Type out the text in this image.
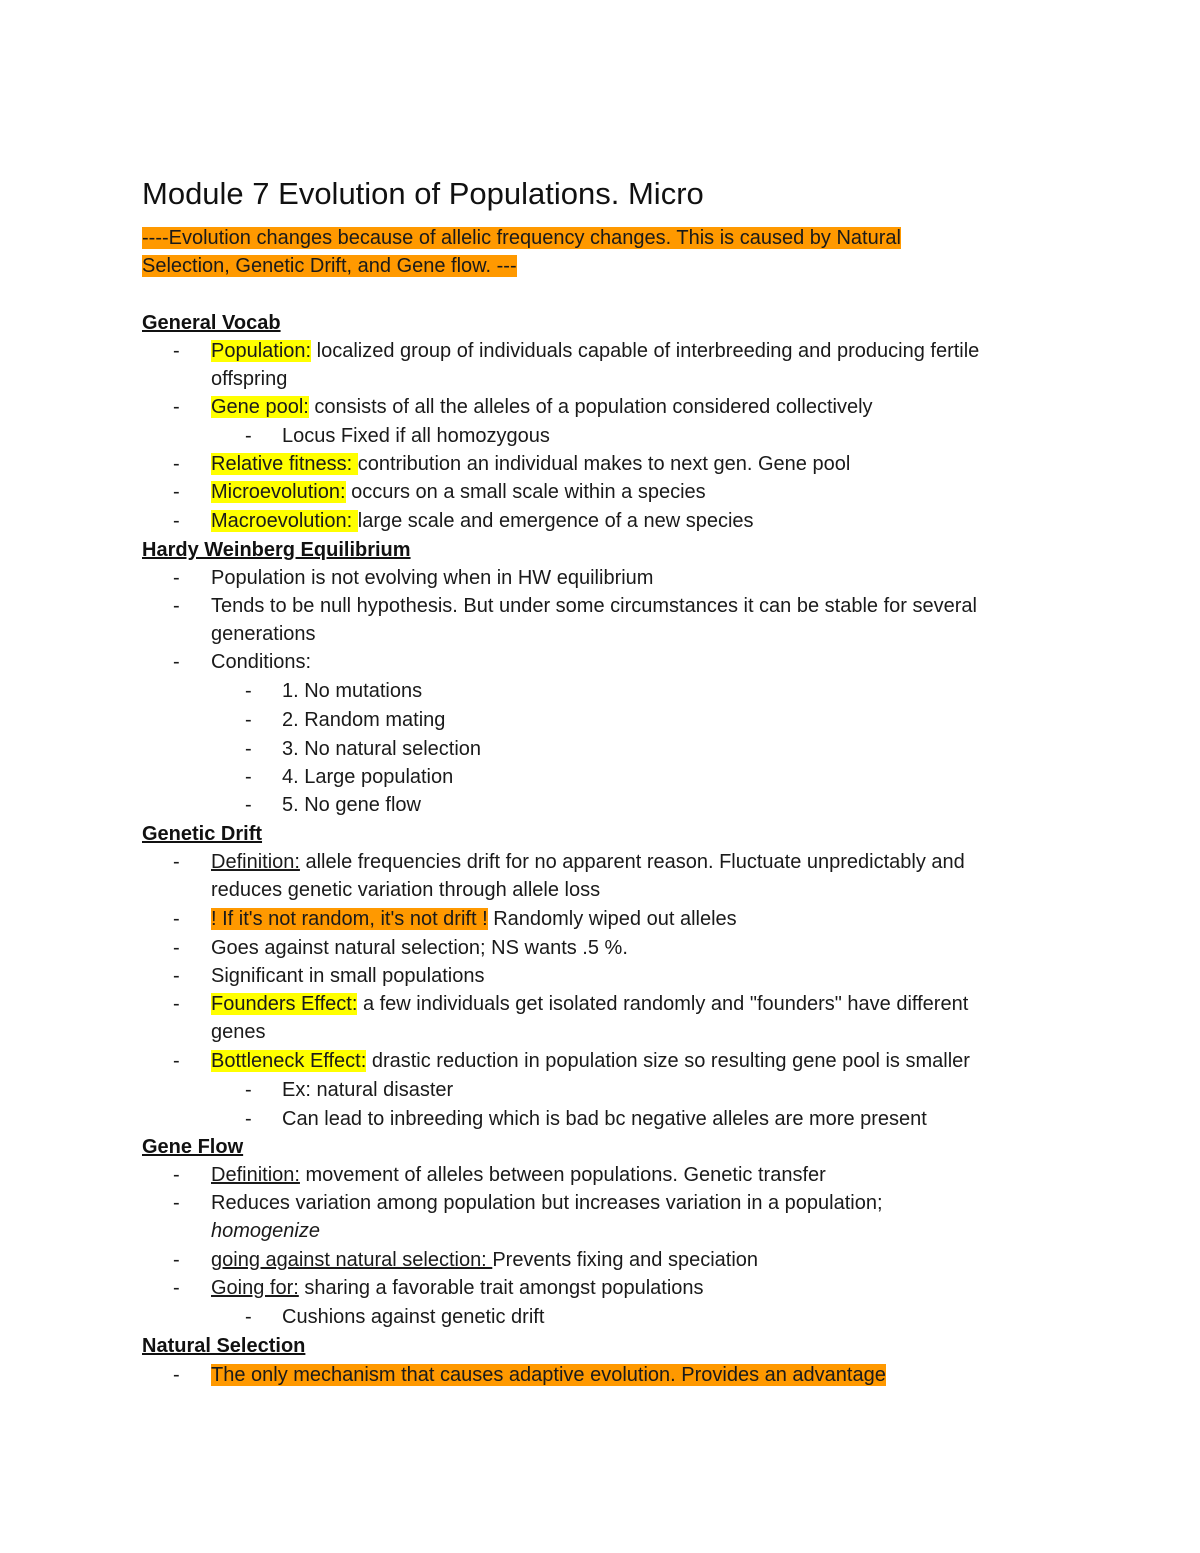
Module 7 Evolution of Populations. Micro
----Evolution changes because of allelic frequency changes. This is caused by Natural Selection, Genetic Drift, and Gene flow. ---
General Vocab
- Population: localized group of individuals capable of interbreeding and producing fertile
offspring
- Gene pool: consists of all the alleles of a population considered collectively
- Locus Fixed if all homozygous
- Relative fitness: contribution an individual makes to next gen. Gene pool
- Microevolution: occurs on a small scale within a species
- Macroevolution: large scale and emergence of a new species
Hardy Weinberg Equilibrium
- Population is not evolving when in HW equilibrium
- Tends to be null hypothesis. But under some circumstances it can be stable for several
generations
- Conditions:
- 1. No mutations
- 2. Random mating
- 3. No natural selection
- 4. Large population
- 5. No gene flow
Genetic Drift
- Definition: allele frequencies drift for no apparent reason. Fluctuate unpredictably and
reduces genetic variation through allele loss
- ! If it's not random, it's not drift ! Randomly wiped out alleles
- Goes against natural selection; NS wants .5 %.
- Significant in small populations
- Founders Effect: a few individuals get isolated randomly and "founders" have different
genes
- Bottleneck Effect: drastic reduction in population size so resulting gene pool is smaller
- Ex: natural disaster
- Can lead to inbreeding which is bad bc negative alleles are more present
Gene Flow
- Definition: movement of alleles between populations. Genetic transfer
- Reduces variation among population but increases variation in a population;
homogenize
- going against natural selection: Prevents fixing and speciation
- Going for: sharing a favorable trait amongst populations
- Cushions against genetic drift
Natural Selection
- The only mechanism that causes adaptive evolution. Provides an advantage
